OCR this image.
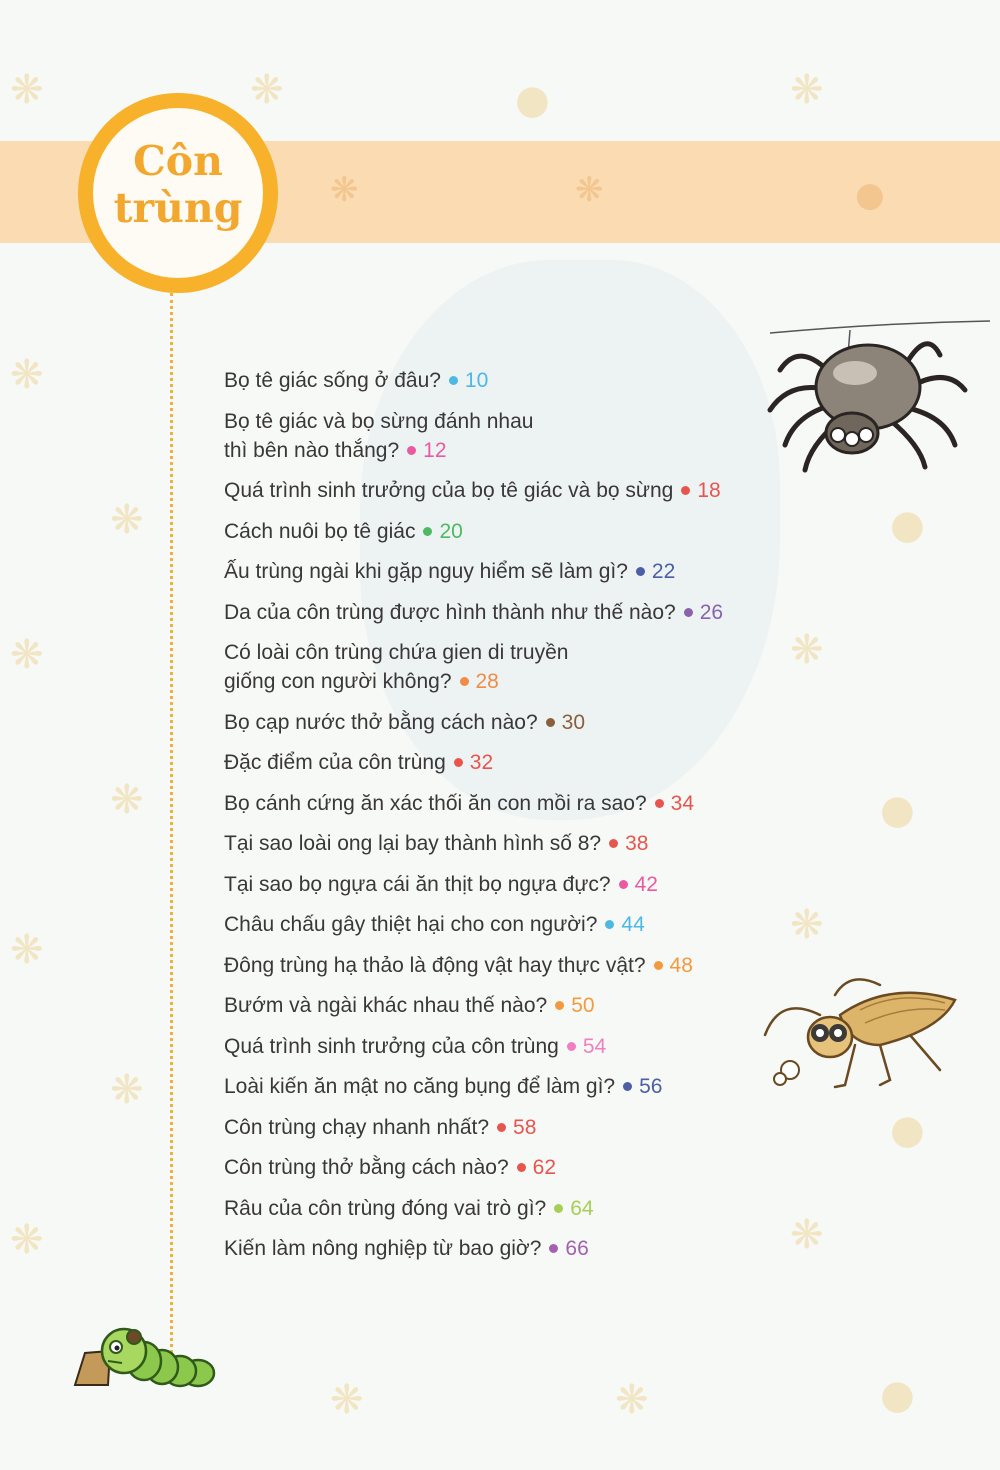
❋	❋	●	❋
❋
❋
❋
❋
❋
❋
❋
●
❋
●
❋
●
❋
❋	❋	●
❋	❋	●
Côn
trùng
Bọ tê giác sống ở đâu? 10
Bọ tê giác và bọ sừng đánh nhau
thì bên nào thắng? 12
Quá trình sinh trưởng của bọ tê giác và bọ sừng 18
Cách nuôi bọ tê giác 20
Ấu trùng ngài khi gặp nguy hiểm sẽ làm gì? 22
Da của côn trùng được hình thành như thế nào? 26
Có loài côn trùng chứa gien di truyền
giống con người không? 28
Bọ cạp nước thở bằng cách nào? 30
Đặc điểm của côn trùng 32
Bọ cánh cứng ăn xác thối ăn con mồi ra sao? 34
Tại sao loài ong lại bay thành hình số 8? 38
Tại sao bọ ngựa cái ăn thịt bọ ngựa đực? 42
Châu chấu gây thiệt hại cho con người? 44
Đông trùng hạ thảo là động vật hay thực vật? 48
Bướm và ngài khác nhau thế nào? 50
Quá trình sinh trưởng của côn trùng 54
Loài kiến ăn mật no căng bụng để làm gì? 56
Côn trùng chạy nhanh nhất? 58
Côn trùng thở bằng cách nào? 62
Râu của côn trùng đóng vai trò gì? 64
Kiến làm nông nghiệp từ bao giờ? 66
